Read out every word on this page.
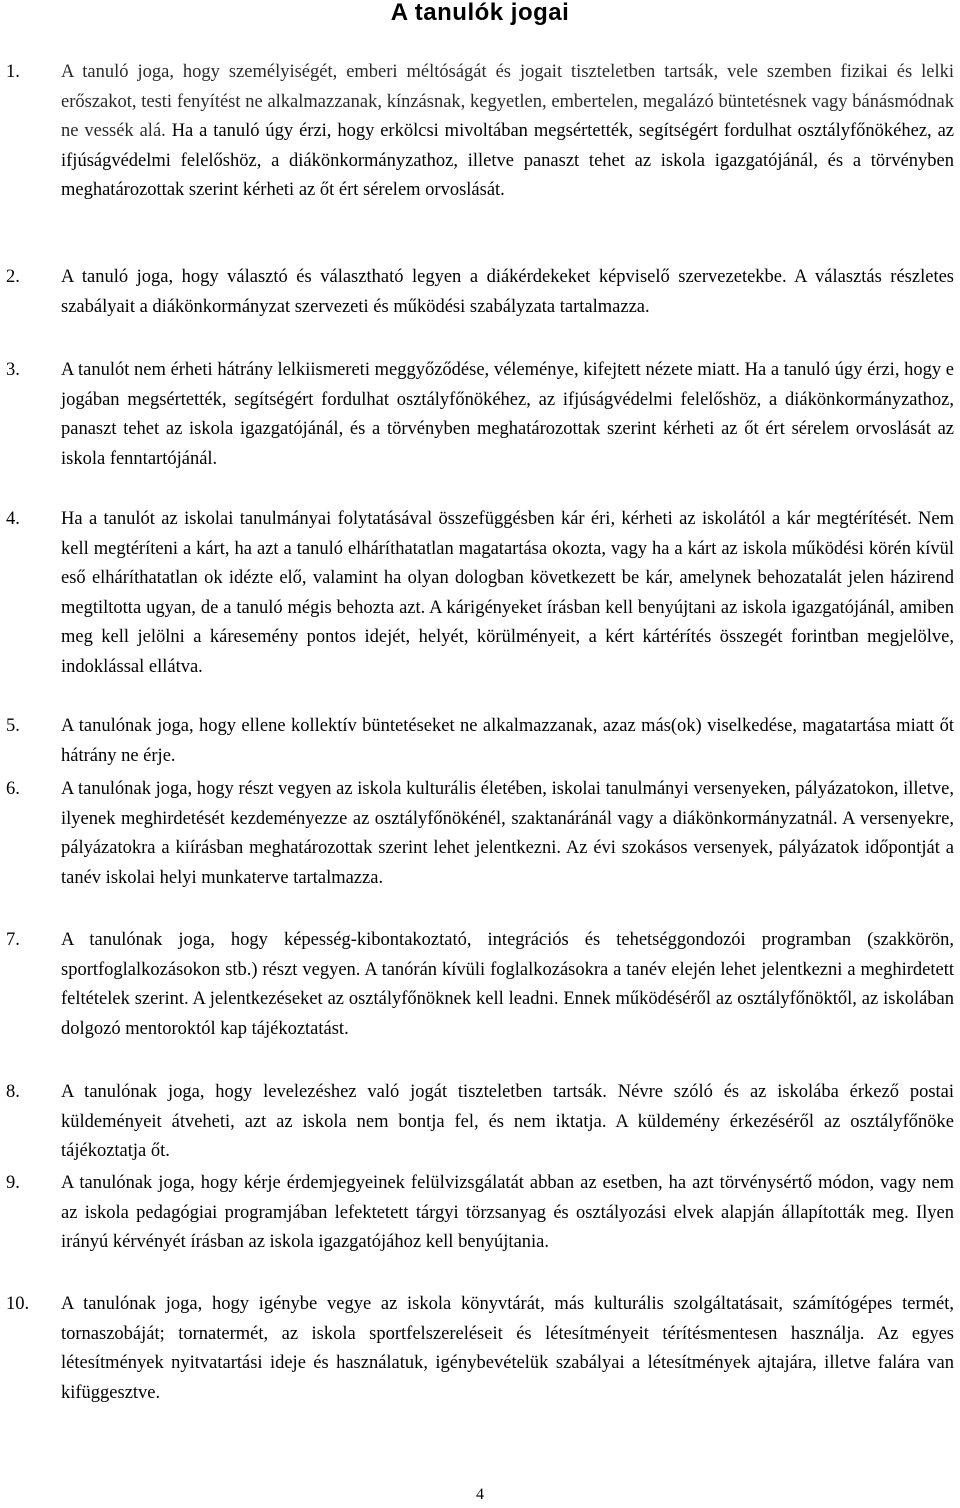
A tanulók jogai
1. A tanuló joga, hogy személyiségét, emberi méltóságát és jogait tiszteletben tartsák, vele szemben fizikai és lelki erőszakot, testi fenyítést ne alkalmazzanak, kínzásnak, kegyetlen, embertelen, megalázó büntetésnek vagy bánásmódnak ne vessék alá. Ha a tanuló úgy érzi, hogy erkölcsi mivoltában megsértették, segítségért fordulhat osztályfőnökéhez, az ifjúságvédelmi felelőshöz, a diákönkormányzathoz, illetve panaszt tehet az iskola igazgatójánál, és a törvényben meghatározottak szerint kérheti az őt ért sérelem orvoslását.
2. A tanuló joga, hogy választó és választható legyen a diákérdekeket képviselő szervezetekbe. A választás részletes szabályait a diákönkormányzat szervezeti és működési szabályzata tartalmazza.
3. A tanulót nem érheti hátrány lelkiismereti meggyőződése, véleménye, kifejtett nézete miatt. Ha a tanuló úgy érzi, hogy e jogában megsértették, segítségért fordulhat osztályfőnökéhez, az ifjúságvédelmi felelőshöz, a diákönkormányzathoz, panaszt tehet az iskola igazgatójánál, és a törvényben meghatározottak szerint kérheti az őt ért sérelem orvoslását az iskola fenntartójánál.
4. Ha a tanulót az iskolai tanulmányai folytatásával összefüggésben kár éri, kérheti az iskolától a kár megtérítését. Nem kell megtéríteni a kárt, ha azt a tanuló elháríthatatlan magatartása okozta, vagy ha a kárt az iskola működési körén kívül eső elháríthatatlan ok idézte elő, valamint ha olyan dologban következett be kár, amelynek behozatalát jelen házirend megtiltotta ugyan, de a tanuló mégis behozta azt. A kárigényeket írásban kell benyújtani az iskola igazgatójánál, amiben meg kell jelölni a káresemény pontos idejét, helyét, körülményeit, a kért kártérítés összegét forintban megjelölve, indoklással ellátva.
5. A tanulónak joga, hogy ellene kollektív büntetéseket ne alkalmazzanak, azaz más(ok) viselkedése, magatartása miatt őt hátrány ne érje.
6. A tanulónak joga, hogy részt vegyen az iskola kulturális életében, iskolai tanulmányi versenyeken, pályázatokon, illetve, ilyenek meghirdetését kezdeményezze az osztályfőnökénél, szaktanáránál vagy a diákönkormányzatnál. A versenyekre, pályázatokra a kiírásban meghatározottak szerint lehet jelentkezni. Az évi szokásos versenyek, pályázatok időpontját a tanév iskolai helyi munkaterve tartalmazza.
7. A tanulónak joga, hogy képesség-kibontakoztató, integrációs és tehetséggondozói programban (szakkörön, sportfoglalkozásokon stb.) részt vegyen. A tanórán kívüli foglalkozásokra a tanév elején lehet jelentkezni a meghirdetett feltételek szerint. A jelentkezéseket az osztályfőnöknek kell leadni. Ennek működéséről az osztályfőnöktől, az iskolában dolgozó mentoroktól kap tájékoztatást.
8. A tanulónak joga, hogy levelezéshez való jogát tiszteletben tartsák. Névre szóló és az iskolába érkező postai küldeményeit átveheti, azt az iskola nem bontja fel, és nem iktatja. A küldemény érkezéséről az osztályfőnöke tájékoztatja őt.
9. A tanulónak joga, hogy kérje érdemjegyeinek felülvizsgálatát abban az esetben, ha azt törvénysértő módon, vagy nem az iskola pedagógiai programjában lefektetett tárgyi törzsanyag és osztályozási elvek alapján állapították meg. Ilyen irányú kérvényét írásban az iskola igazgatójához kell benyújtania.
10. A tanulónak joga, hogy igénybe vegye az iskola könyvtárát, más kulturális szolgáltatásait, számítógépes termét, tornaszobáját; tornatermét, az iskola sportfelszereléseit és létesítményeit térítésmentesen használja. Az egyes létesítmények nyitvatartási ideje és használatuk, igénybevételük szabályai a létesítmények ajtajára, illetve falára van kifüggesztve.
4
